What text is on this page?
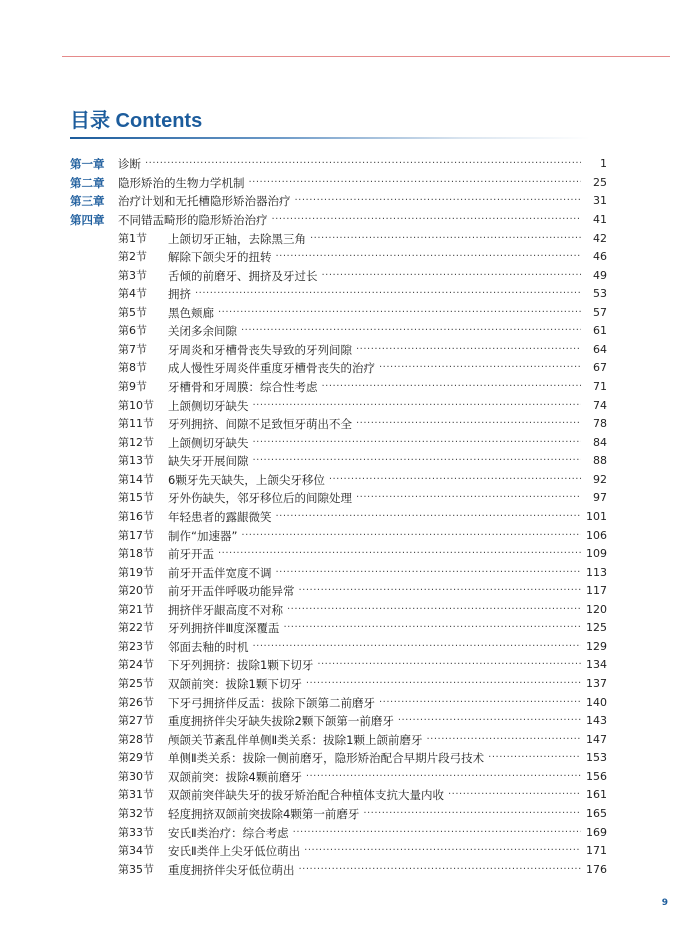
目录 Contents
第一章	诊断 ·····	1
第二章	隐形矫治的生物力学机制 ·····	25
第三章	治疗计划和无托槽隐形矫治器治疗 ·····	31
第四章	不同错㿻畸形的隐形矫治治疗 ·····	41
第1节	上颌切牙正轴，去除黑三角 ·····	42
第2节	解除下颌尖牙的扭转 ·····	46
第3节	舌倾的前磨牙、拥挤及牙过长 ·····	49
第4节	拥挤 ·····	53
第5节	黑色颊廊 ·····	57
第6节	关闭多余间隙 ·····	61
第7节	牙周炎和牙槽骨丧失导致的牙列间隙 ·····	64
第8节	成人慢性牙周炎伴重度牙槽骨丧失的治疗 ·····	67
第9节	牙槽骨和牙周膜：综合性考虑 ·····	71
第10节	上颌侧切牙缺失 ·····	74
第11节	牙列拥挤、间隙不足致恒牙萌出不全 ·····	78
第12节	上颌侧切牙缺失 ·····	84
第13节	缺失牙开展间隙 ·····	88
第14节	6颗牙先天缺失，上颌尖牙移位 ·····	92
第15节	牙外伤缺失，邻牙移位后的间隙处理 ·····	97
第16节	年轻患者的露龈微笑 ·····	101
第17节	制作“加速器” ·····	106
第18节	前牙开㿻 ·····	109
第19节	前牙开㿻伴宽度不调 ·····	113
第20节	前牙开㿻伴呼吸功能异常 ·····	117
第21节	拥挤伴牙龈高度不对称 ·····	120
第22节	牙列拥挤伴Ⅲ度深覆㿻 ·····	125
第23节	邻面去釉的时机 ·····	129
第24节	下牙列拥挤：拔除1颗下切牙 ·····	134
第25节	双颌前突：拔除1颗下切牙 ·····	137
第26节	下牙弓拥挤伴反㿻：拔除下颌第二前磨牙 ·····	140
第27节	重度拥挤伴尖牙缺失拔除2颗下颌第一前磨牙 ·····	143
第28节	颅颌关节紊乱伴单侧Ⅱ类关系：拔除1颗上颌前磨牙 ·····	147
第29节	单侧Ⅱ类关系：拔除一侧前磨牙，隐形矫治配合早期片段弓技术 ·····	153
第30节	双颌前突：拔除4颗前磨牙 ·····	156
第31节	双颌前突伴缺失牙的拔牙矫治配合种植体支抗大量内收 ·····	161
第32节	轻度拥挤双颌前突拔除4颗第一前磨牙 ·····	165
第33节	安氏Ⅱ类治疗：综合考虑 ·····	169
第34节	安氏Ⅱ类伴上尖牙低位萌出 ·····	171
第35节	重度拥挤伴尖牙低位萌出 ·····	176
9
